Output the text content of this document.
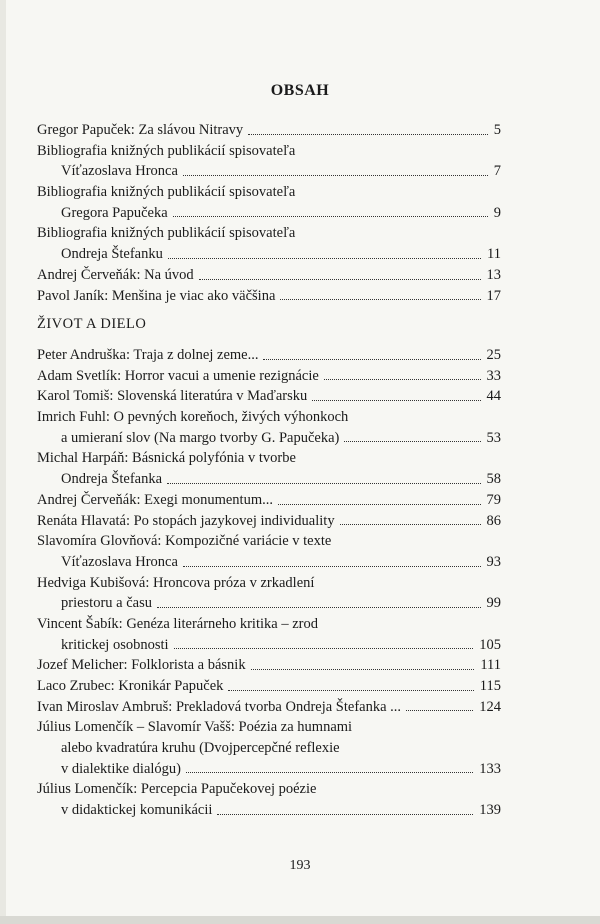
OBSAH
Gregor Papuček: Za slávou Nitravy	5
Bibliografia knižných publikácií spisovateľa
Víťazoslava Hronca	7
Bibliografia knižných publikácií spisovateľa
Gregora Papučeka	9
Bibliografia knižných publikácií spisovateľa
Ondreja Štefanku	11
Andrej Červeňák: Na úvod	13
Pavol Janík: Menšina je viac ako väčšina	17
ŽIVOT A DIELO
Peter Andruška: Traja z dolnej zeme...	25
Adam Svetlík: Horror vacui a umenie rezignácie	33
Karol Tomiš: Slovenská literatúra v Maďarsku	44
Imrich Fuhl: O pevných koreňoch, živých výhonkoch
a umieraní slov (Na margo tvorby G. Papučeka)	53
Michal Harpáň: Básnická polyfónia v tvorbe
Ondreja Štefanka	58
Andrej Červeňák: Exegi monumentum...	79
Renáta Hlavatá: Po stopách jazykovej individuality	86
Slavomíra Glovňová: Kompozičné variácie v texte
Víťazoslava Hronca	93
Hedviga Kubišová: Hroncova próza v zrkadlení
priestoru a času	99
Vincent Šabík: Genéza literárneho kritika – zrod
kritickej osobnosti	105
Jozef Melicher: Folklorista a básnik	111
Laco Zrubec: Kronikár Papuček	115
Ivan Miroslav Ambruš: Prekladová tvorba Ondreja Štefanka ...	124
Július Lomenčík – Slavomír Vašš: Poézia za humnami
alebo kvadratúra kruhu (Dvojpercepčné reflexie
v dialektike dialógu)	133
Július Lomenčík: Percepcia Papučekovej poézie
v didaktickej komunikácii	139
193
